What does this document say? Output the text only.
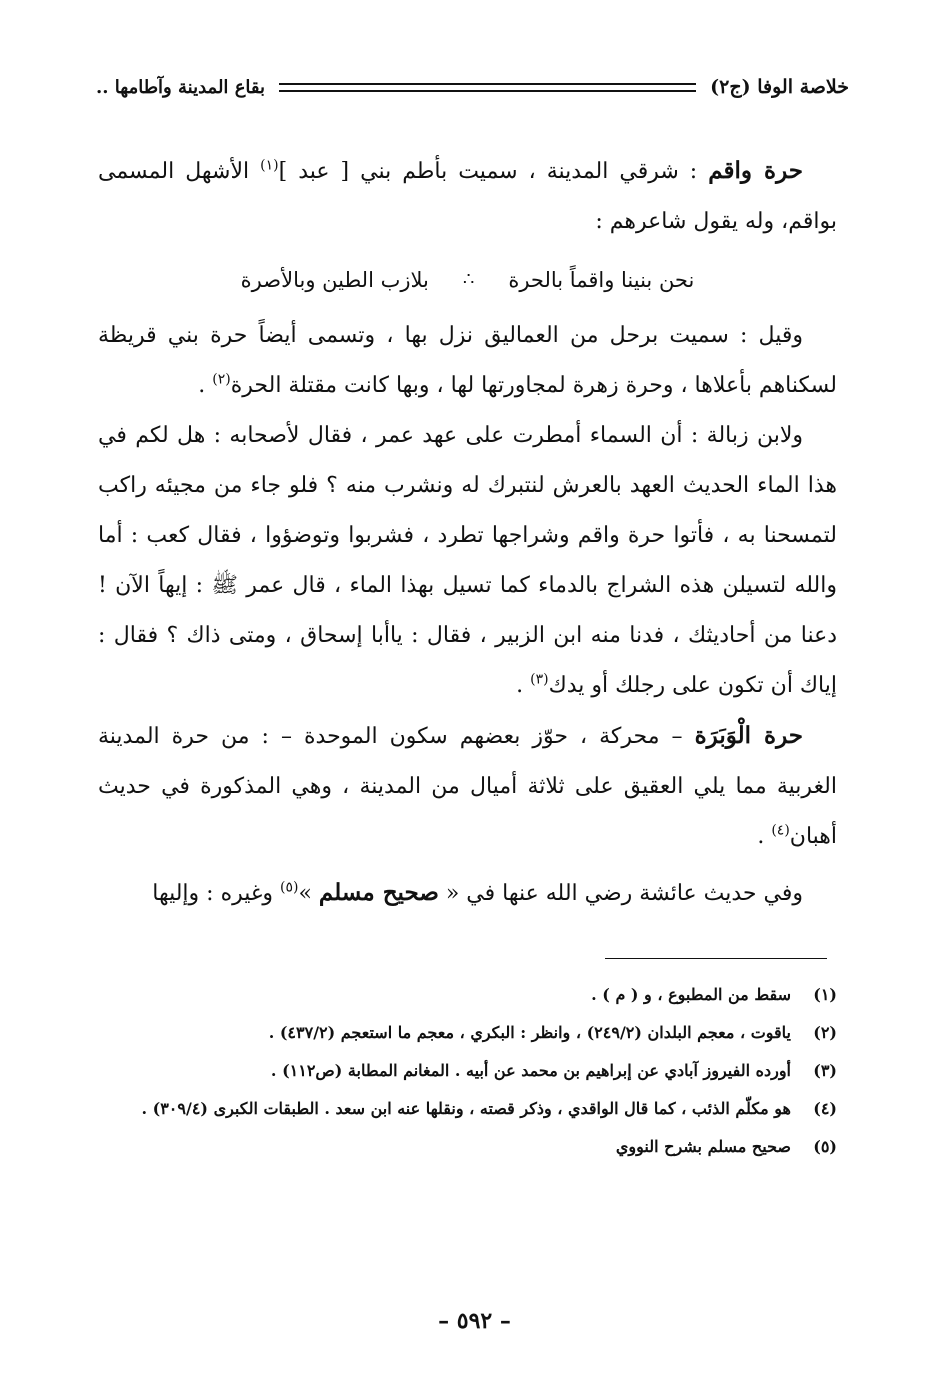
خلاصة الوفا (ج٢)
بقاع المدينة وآطامها ..

حرة واقم : شرقي المدينة ، سميت بأطم بني [ عبد ]$^{(١)}$ الأشهل المسمى بواقم، وله يقول شاعرهم :

نحن بنينا واقماً بالحرة
∴
بلازب الطين وبالأصرة

وقيل : سميت برحل من العماليق نزل بها ، وتسمى أيضاً حرة بني قريظة لسكناهم بأعلاها ، وحرة زهرة لمجاورتها لها ، وبها كانت مقتلة الحرة$^{(٢)}$ .

ولابن زبالة : أن السماء أمطرت على عهد عمر ، فقال لأصحابه : هل لكم في هذا الماء الحديث العهد بالعرش لنتبرك له ونشرب منه ؟ فلو جاء من مجيئه راكب لتمسحنا به ، فأتوا حرة واقم وشراجها تطرد ، فشربوا وتوضؤوا ، فقال كعب : أما والله لتسيلن هذه الشراج بالدماء كما تسيل بهذا الماء ، قال عمر ﷺ : إيهاً الآن ! دعنا من أحاديثك ، فدنا منه ابن الزبير ، فقال : ياأبا إسحاق ، ومتى ذاك ؟ فقال : إياك أن تكون على رجلك أو يدك$^{(٣)}$ .

حرة الْوَبَرَة – محركة ، حوّز بعضهم سكون الموحدة – : من حرة المدينة الغربية مما يلي العقيق على ثلاثة أميال من المدينة ، وهي المذكورة في حديث أهبان$^{(٤)}$ .

وفي حديث عائشة رضي الله عنها في « صحيح مسلم »$^{(٥)}$ وغيره : وإليها

(١)
سقط من المطبوع ، و ( م ) .
(٢)
ياقوت ، معجم البلدان (٢٤٩/٢) ، وانظر : البكري ، معجم ما استعجم (٤٣٧/٢) .
(٣)
أورده الفيروز آبادي عن إبراهيم بن محمد عن أبيه . المغانم المطابة (ص١١٢) .
(٤)
هو مكلّم الذئب ، كما قال الواقدي ، وذكر قصته ، ونقلها عنه ابن سعد . الطبقات الكبرى (٣٠٩/٤) .
(٥)
صحيح مسلم بشرح النووي
– ٥٩٢ –
